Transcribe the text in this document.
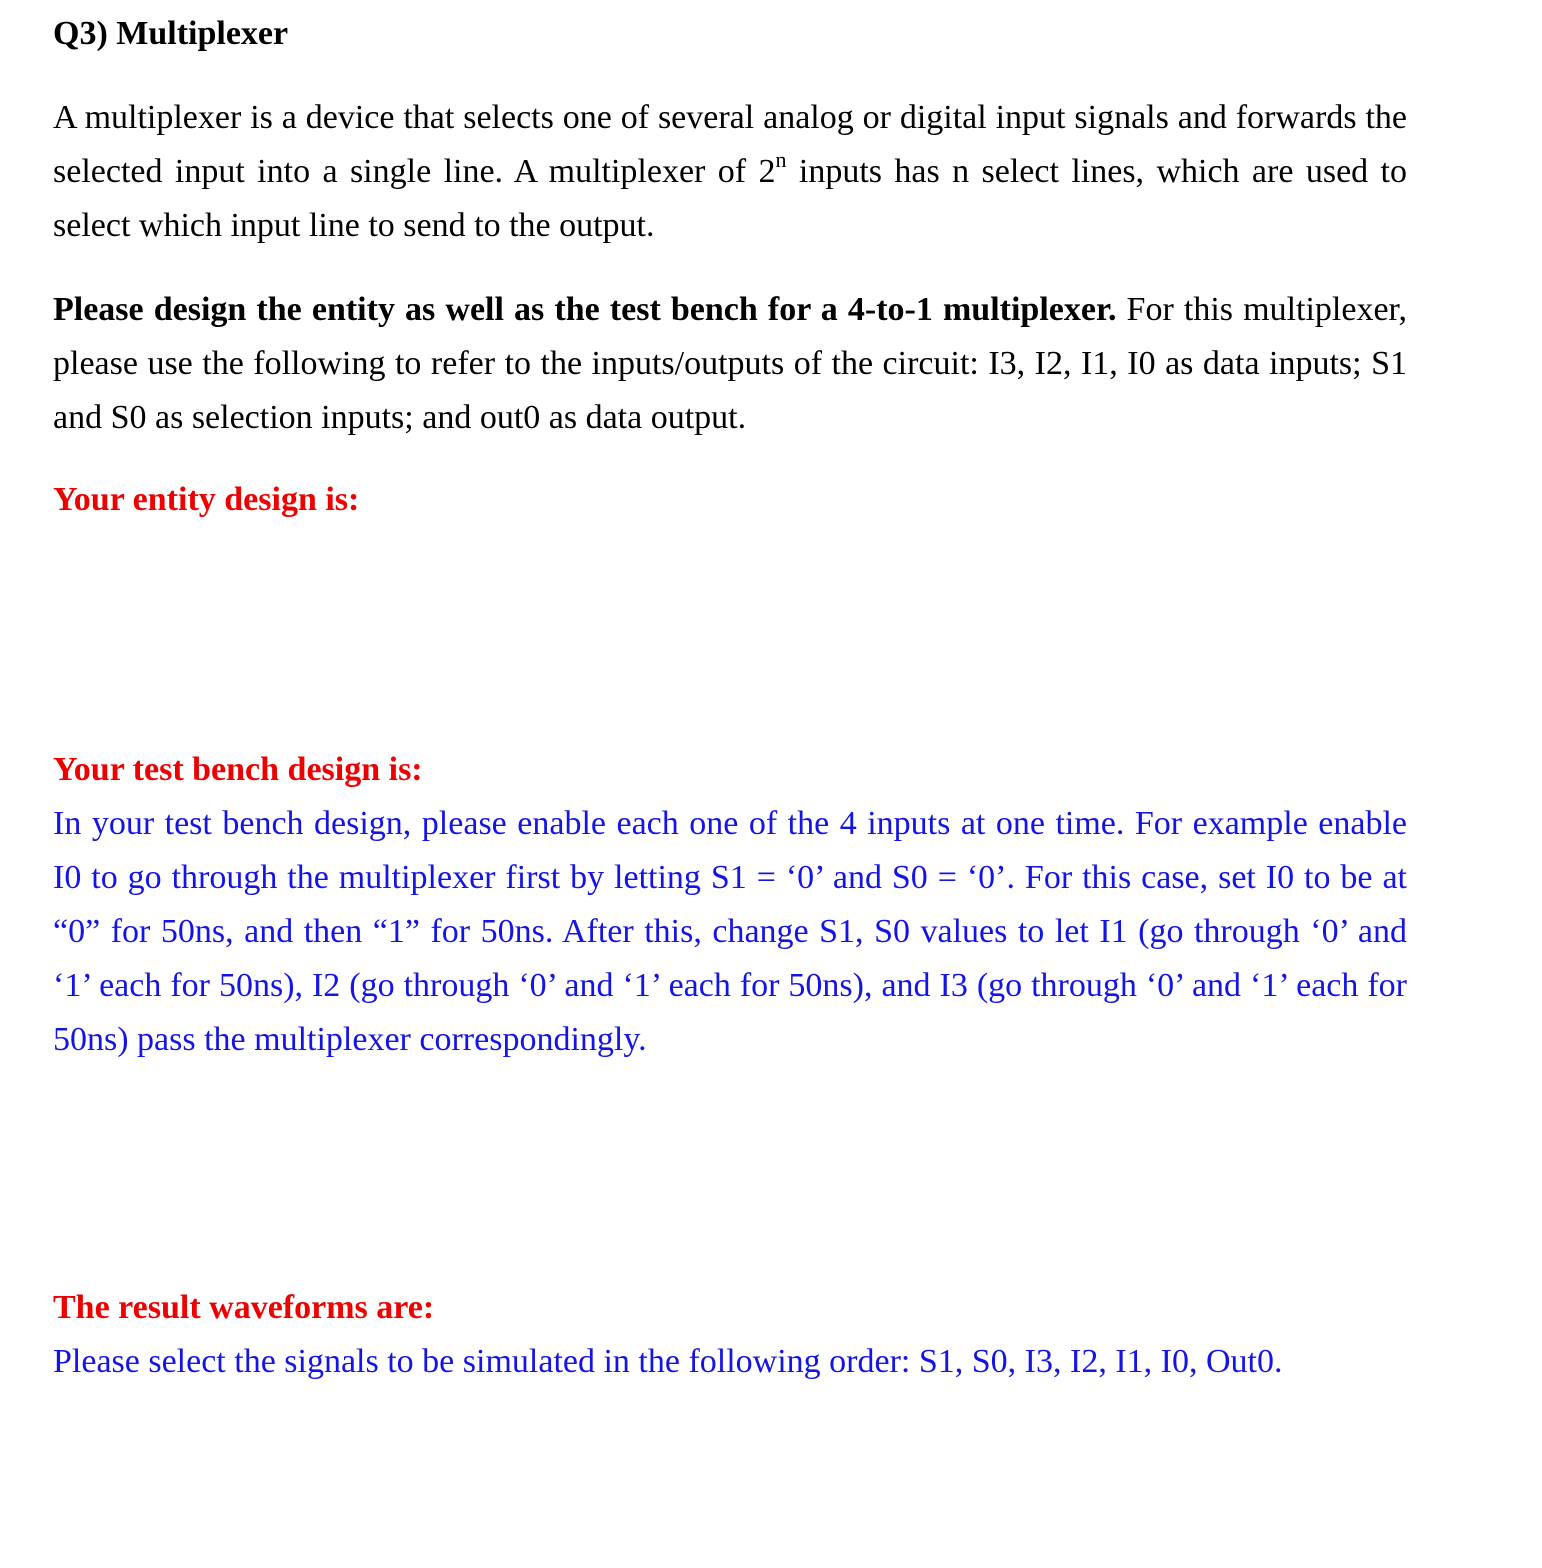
Q3) Multiplexer

A multiplexer is a device that selects one of several analog or digital input signals and forwards the selected input into a single line. A multiplexer of 2$^n$ inputs has n select lines, which are used to select which input line to send to the output.

Please design the entity as well as the test bench for a 4-to-1 multiplexer. For this multiplexer, please use the following to refer to the inputs/outputs of the circuit: I3, I2, I1, I0 as data inputs; S1 and S0 as selection inputs; and out0 as data output.

Your entity design is:
Your test bench design is:

In your test bench design, please enable each one of the 4 inputs at one time. For example enable I0 to go through the multiplexer first by letting S1 = ‘0’ and S0 = ‘0’. For this case, set I0 to be at “0” for 50ns, and then “1” for 50ns. After this, change S1, S0 values to let I1 (go through ‘0’ and ‘1’ each for 50ns), I2 (go through ‘0’ and ‘1’ each for 50ns), and I3 (go through ‘0’ and ‘1’ each for 50ns) pass the multiplexer correspondingly.

The result waveforms are:
Please select the signals to be simulated in the following order: S1, S0, I3, I2, I1, I0, Out0.
